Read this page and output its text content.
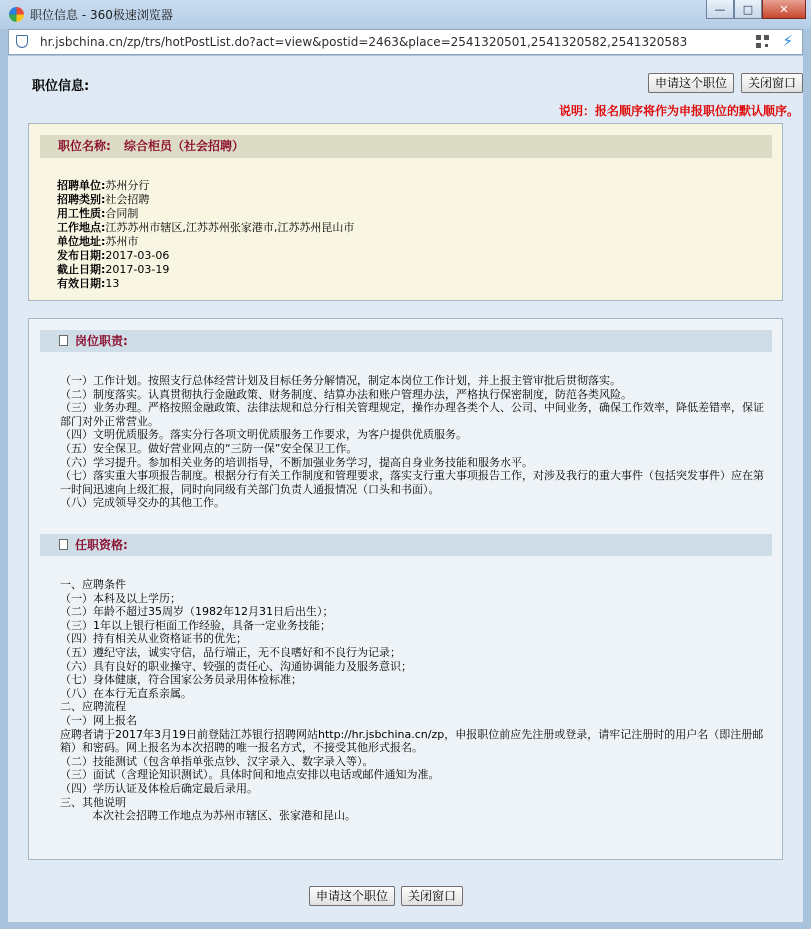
职位信息 - 360极速浏览器	—	□	✕
hr.jsbchina.cn/zp/trs/hotPostList.do?act=view&postid=2463&place=2541320501,2541320582,2541320583	⚡
职位信息:	申请这个职位	关闭窗口
说明：报名顺序将作为申报职位的默认顺序。
职位名称: 综合柜员（社会招聘）
招聘单位:苏州分行
招聘类别:社会招聘
用工性质:合同制
工作地点:江苏苏州市辖区,江苏苏州张家港市,江苏苏州昆山市
单位地址:苏州市
发布日期:2017-03-06
截止日期:2017-03-19
有效日期:13
岗位职责:
（一）工作计划。按照支行总体经营计划及目标任务分解情况，制定本岗位工作计划，并上报主管审批后贯彻落实。
（二）制度落实。认真贯彻执行金融政策、财务制度、结算办法和账户管理办法，严格执行保密制度，防范各类风险。
（三）业务办理。严格按照金融政策、法律法规和总分行相关管理规定，操作办理各类个人、公司、中间业务，确保工作效率，降低差错率，保证部门对外正常营业。
（四）文明优质服务。落实分行各项文明优质服务工作要求，为客户提供优质服务。
（五）安全保卫。做好营业网点的“三防一保”安全保卫工作。
（六）学习提升。参加相关业务的培训指导，不断加强业务学习，提高自身业务技能和服务水平。
（七）落实重大事项报告制度。根据分行有关工作制度和管理要求，落实支行重大事项报告工作，对涉及我行的重大事件（包括突发事件）应在第一时间迅速向上级汇报，同时向同级有关部门负责人通报情况（口头和书面）。
（八）完成领导交办的其他工作。
任职资格:
一、应聘条件
（一）本科及以上学历；
（二）年龄不超过35周岁（1982年12月31日后出生）；
（三）1年以上银行柜面工作经验，具备一定业务技能；
（四）持有相关从业资格证书的优先；
（五）遵纪守法，诚实守信，品行端正，无不良嗜好和不良行为记录；
（六）具有良好的职业操守、较强的责任心、沟通协调能力及服务意识；
（七）身体健康，符合国家公务员录用体检标准；
（八）在本行无直系亲属。
二、应聘流程
（一）网上报名
应聘者请于2017年3月19日前登陆江苏银行招聘网站http://hr.jsbchina.cn/zp，申报职位前应先注册或登录，请牢记注册时的用户名（即注册邮箱）和密码。网上报名为本次招聘的唯一报名方式，不接受其他形式报名。
（二）技能测试（包含单指单张点钞、汉字录入、数字录入等）。
（三）面试（含理论知识测试）。具体时间和地点安排以电话或邮件通知为准。
（四）学历认证及体检后确定最后录用。
三、其他说明
本次社会招聘工作地点为苏州市辖区、张家港和昆山。
申请这个职位	关闭窗口
